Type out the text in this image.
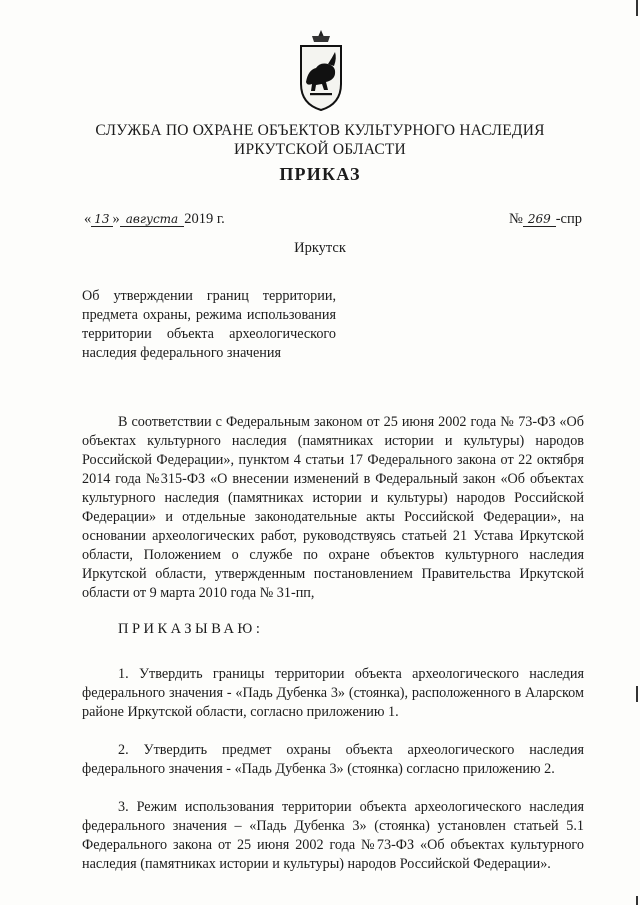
СЛУЖБА ПО ОХРАНЕ ОБЪЕКТОВ КУЛЬТУРНОГО НАСЛЕДИЯ
ИРКУТСКОЙ ОБЛАСТИ
ПРИКАЗ
« 13 » августа 2019 г.	№ 269 -спр
Иркутск
Об утверждении границ территории, предмета охраны, режима использования территории объекта археологического наследия федерального значения

В соответствии с Федеральным законом от 25 июня 2002 года № 73-ФЗ «Об объектах культурного наследия (памятниках истории и культуры) народов Российской Федерации», пунктом 4 статьи 17 Федерального закона от 22 октября 2014 года №315-ФЗ «О внесении изменений в Федеральный закон «Об объектах культурного наследия (памятниках истории и культуры) народов Российской Федерации» и отдельные законодательные акты Российской Федерации», на основании археологических работ, руководствуясь статьей 21 Устава Иркутской области, Положением о службе по охране объектов культурного наследия Иркутской области, утвержденным постановлением Правительства Иркутской области от 9 марта 2010 года № 31-пп,

ПРИКАЗЫВАЮ:

1. Утвердить границы территории объекта археологического наследия федерального значения - «Падь Дубенка 3» (стоянка), расположенного в Аларском районе Иркутской области, согласно приложению 1.

2. Утвердить предмет охраны объекта археологического наследия федерального значения - «Падь Дубенка 3» (стоянка) согласно приложению 2.

3. Режим использования территории объекта археологического наследия федерального значения – «Падь Дубенка 3» (стоянка) установлен статьей 5.1 Федерального закона от 25 июня 2002 года №73-ФЗ «Об объектах культурного наследия (памятниках истории и культуры) народов Российской Федерации».
